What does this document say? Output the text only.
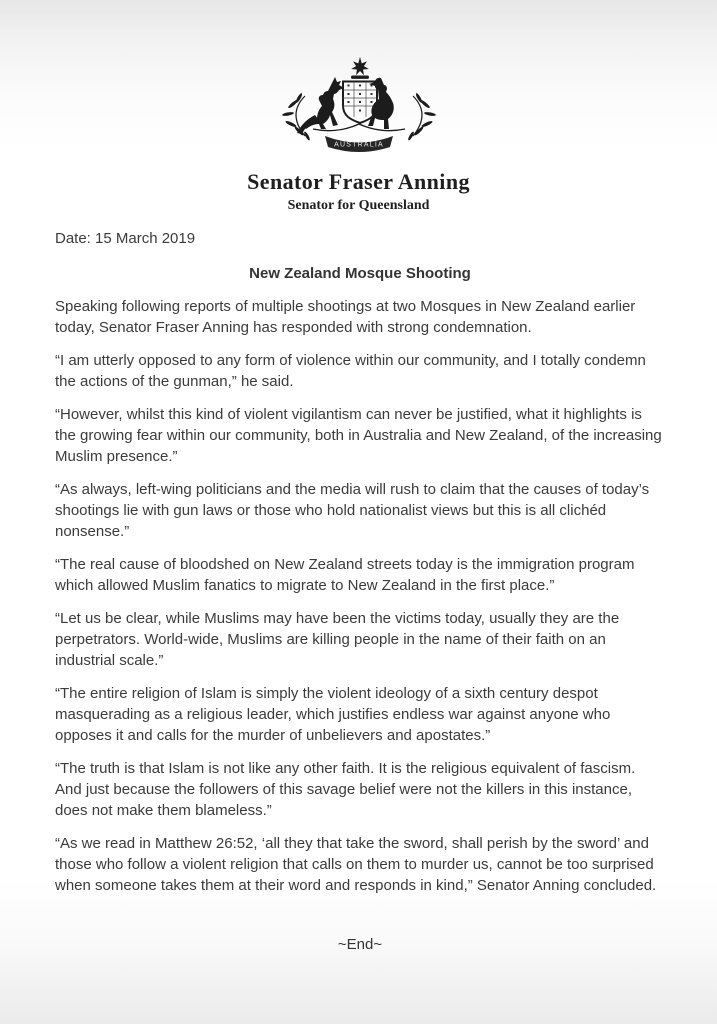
AUSTRALIA
Senator Fraser Anning
Senator for Queensland
Date: 15 March 2019
New Zealand Mosque Shooting

Speaking following reports of multiple shootings at two Mosques in New Zealand earlier today, Senator Fraser Anning has responded with strong condemnation.

“I am utterly opposed to any form of violence within our community, and I totally condemn the actions of the gunman,” he said.

“However, whilst this kind of violent vigilantism can never be justified, what it highlights is the growing fear within our community, both in Australia and New Zealand, of the increasing Muslim presence.”

“As always, left-wing politicians and the media will rush to claim that the causes of today’s shootings lie with gun laws or those who hold nationalist views but this is all clichéd nonsense.”

“The real cause of bloodshed on New Zealand streets today is the immigration program which allowed Muslim fanatics to migrate to New Zealand in the first place.”

“Let us be clear, while Muslims may have been the victims today, usually they are the perpetrators. World-wide, Muslims are killing people in the name of their faith on an industrial scale.”

“The entire religion of Islam is simply the violent ideology of a sixth century despot masquerading as a religious leader, which justifies endless war against anyone who opposes it and calls for the murder of unbelievers and apostates.”

“The truth is that Islam is not like any other faith. It is the religious equivalent of fascism. And just because the followers of this savage belief were not the killers in this instance, does not make them blameless.”

“As we read in Matthew 26:52, ‘all they that take the sword, shall perish by the sword’ and those who follow a violent religion that calls on them to murder us, cannot be too surprised when someone takes them at their word and responds in kind,” Senator Anning concluded.

~End~
